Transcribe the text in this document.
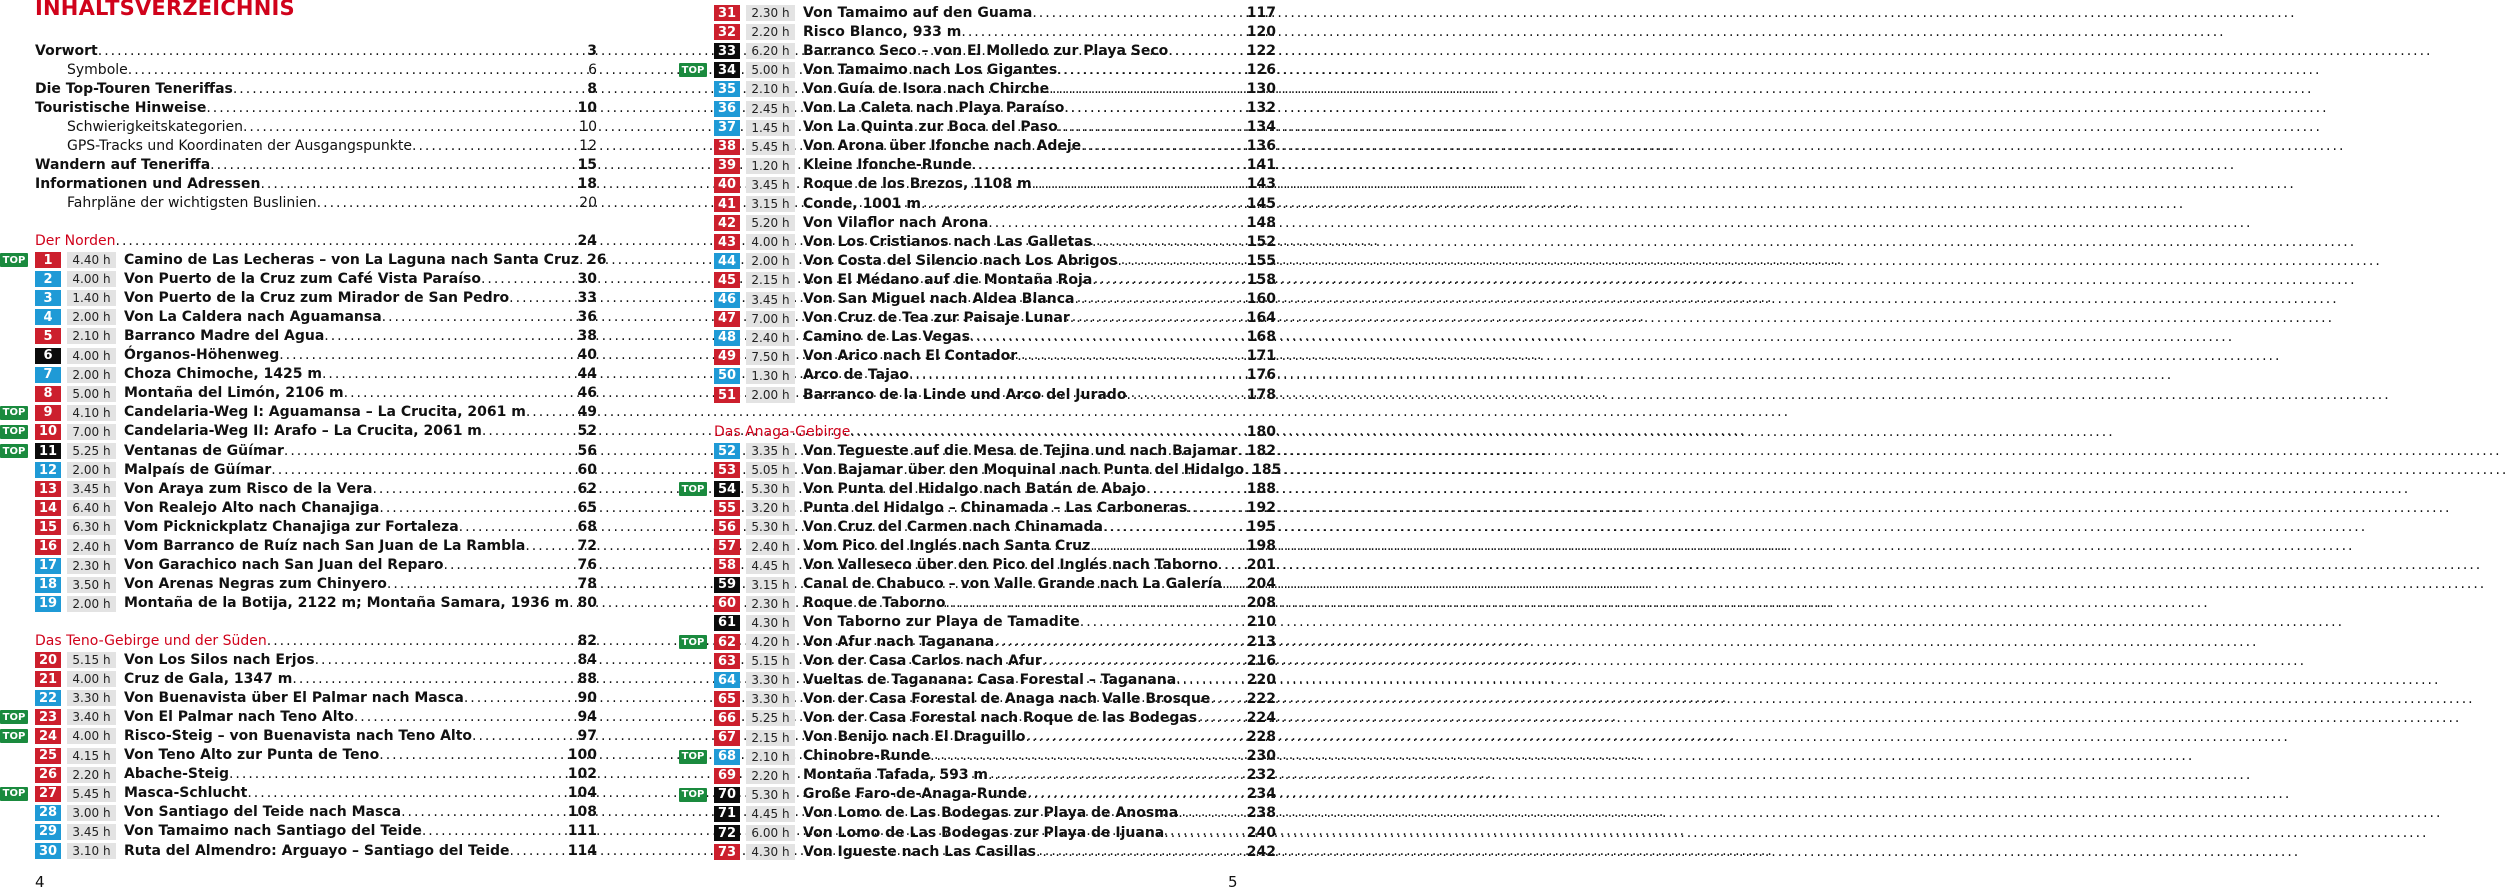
INHALTSVERZEICHNIS
Vorwort .....	3
Symbole .....	6
Die Top-Touren Teneriffas .....	8
Touristische Hinweise .....	10
Schwierigkeitskategorien .....	10
GPS-Tracks und Koordinaten der Ausgangspunkte .....	12
Wandern auf Teneriffa .....	15
Informationen und Adressen .....	18
Fahrpläne der wichtigsten Buslinien .....	20
Der Norden .....	24
TOP	1	4.40 h Camino de Las Lecheras – von La Laguna nach Santa Cruz ..... 26
2	4.00 h Von Puerto de la Cruz zum Café Vista Paraíso .....	30
3	1.40 h Von Puerto de la Cruz zum Mirador de San Pedro .....	33
4	2.00 h Von La Caldera nach Aguamansa .....	36
5	2.10 h Barranco Madre del Agua .....	38
6	4.00 h Órganos-Höhenweg .....	40
7	2.00 h Choza Chimoche, 1425 m .....	44
8	5.00 h Montaña del Limón, 2106 m .....	46
TOP	9	4.10 h Candelaria-Weg I: Aguamansa – La Crucita, 2061 m .....	49
TOP	10	7.00 h Candelaria-Weg II: Arafo – La Crucita, 2061 m .....	52
TOP	11	5.25 h Ventanas de Güímar .....	56
12	2.00 h Malpaís de Güímar .....	60
13	3.45 h Von Araya zum Risco de la Vera .....	62
14	6.40 h Von Realejo Alto nach Chanajiga .....	65
15	6.30 h Vom Picknickplatz Chanajiga zur Fortaleza .....	68
16	2.40 h Vom Barranco de Ruíz nach San Juan de La Rambla .....	72
17	2.30 h Von Garachico nach San Juan del Reparo .....	76
18	3.50 h Von Arenas Negras zum Chinyero .....	78
19	2.00 h Montaña de la Botija, 2122 m; Montaña Samara, 1936 m ..... 80
Das Teno-Gebirge und der Süden .....	82
20	5.15 h Von Los Silos nach Erjos .....	84
21	4.00 h Cruz de Gala, 1347 m .....	88
22	3.30 h Von Buenavista über El Palmar nach Masca .....	90
TOP	23	3.40 h Von El Palmar nach Teno Alto .....	94
TOP	24	4.00 h Risco-Steig – von Buenavista nach Teno Alto .....	97
25	4.15 h Von Teno Alto zur Punta de Teno .....	100
26	2.20 h Abache-Steig .....	102
TOP	27	5.45 h Masca-Schlucht .....	104
28	3.00 h Von Santiago del Teide nach Masca .....	108
29	3.45 h Von Tamaimo nach Santiago del Teide .....	111
30	3.10 h Ruta del Almendro: Arguayo – Santiago del Teide .....	114
4
31	2.30 h Von Tamaimo auf den Guama .....	117
32	2.20 h Risco Blanco, 933 m .....	120
33	6.20 h Barranco Seco – von El Molledo zur Playa Seco .....	122
TOP	34	5.00 h Von Tamaimo nach Los Gigantes .....	126
35	2.10 h Von Guía de Isora nach Chirche .....	130
36	2.45 h Von La Caleta nach Playa Paraíso .....	132
37	1.45 h Von La Quinta zur Boca del Paso .....	134
38	5.45 h Von Arona über Ifonche nach Adeje .....	136
39	1.20 h Kleine Ifonche-Runde .....	141
40	3.45 h Roque de los Brezos, 1108 m .....	143
41	3.15 h Conde, 1001 m .....	145
42	5.20 h Von Vilaflor nach Arona .....	148
43	4.00 h Von Los Cristianos nach Las Galletas .....	152
44	2.00 h Von Costa del Silencio nach Los Abrigos .....	155
45	2.15 h Von El Médano auf die Montaña Roja .....	158
46	3.45 h Von San Miguel nach Aldea Blanca .....	160
47	7.00 h Von Cruz de Tea zur Paisaje Lunar .....	164
48	2.40 h Camino de Las Vegas .....	168
49	7.50 h Von Arico nach El Contador .....	171
50	1.30 h Arco de Tajao .....	176
51	2.00 h Barranco de la Linde und Arco del Jurado .....	178
Das Anaga-Gebirge .....	180
52	3.35 h Von Tegueste auf die Mesa de Tejina und nach Bajamar ..... 182
53	5.05 h Von Bajamar über den Moquinal nach Punta del Hidalgo ..... 185
TOP	54	5.30 h Von Punta del Hidalgo nach Batán de Abajo .....	188
55	3.20 h Punta del Hidalgo – Chinamada – Las Carboneras .....	192
56	5.30 h Von Cruz del Carmen nach Chinamada .....	195
57	2.40 h Vom Pico del Inglés nach Santa Cruz .....	198
58	4.45 h Von Valleseco über den Pico del Inglés nach Taborno ..... 201
59	3.15 h Canal de Chabuco – von Valle Grande nach La Galería ..... 204
60	2.30 h Roque de Taborno .....	208
61	4.30 h Von Taborno zur Playa de Tamadite .....	210
TOP	62	4.20 h Von Afur nach Taganana .....	213
63	5.15 h Von der Casa Carlos nach Afur .....	216
64	3.30 h Vueltas de Taganana: Casa Forestal – Taganana .....	220
65	3.30 h Von der Casa Forestal de Anaga nach Valle Brosque .....	222
66	5.25 h Von der Casa Forestal nach Roque de las Bodegas .....	224
67	2.15 h Von Benijo nach El Draguillo .....	228
TOP	68	2.10 h Chinobre-Runde .....	230
69	2.20 h Montaña Tafada, 593 m .....	232
TOP	70	5.30 h Große Faro-de-Anaga-Runde .....	234
71	4.45 h Von Lomo de Las Bodegas zur Playa de Anosma .....	238
72	6.00 h Von Lomo de Las Bodegas zur Playa de Ijuana .....	240
73	4.30 h Von Igueste nach Las Casillas .....	242
5
